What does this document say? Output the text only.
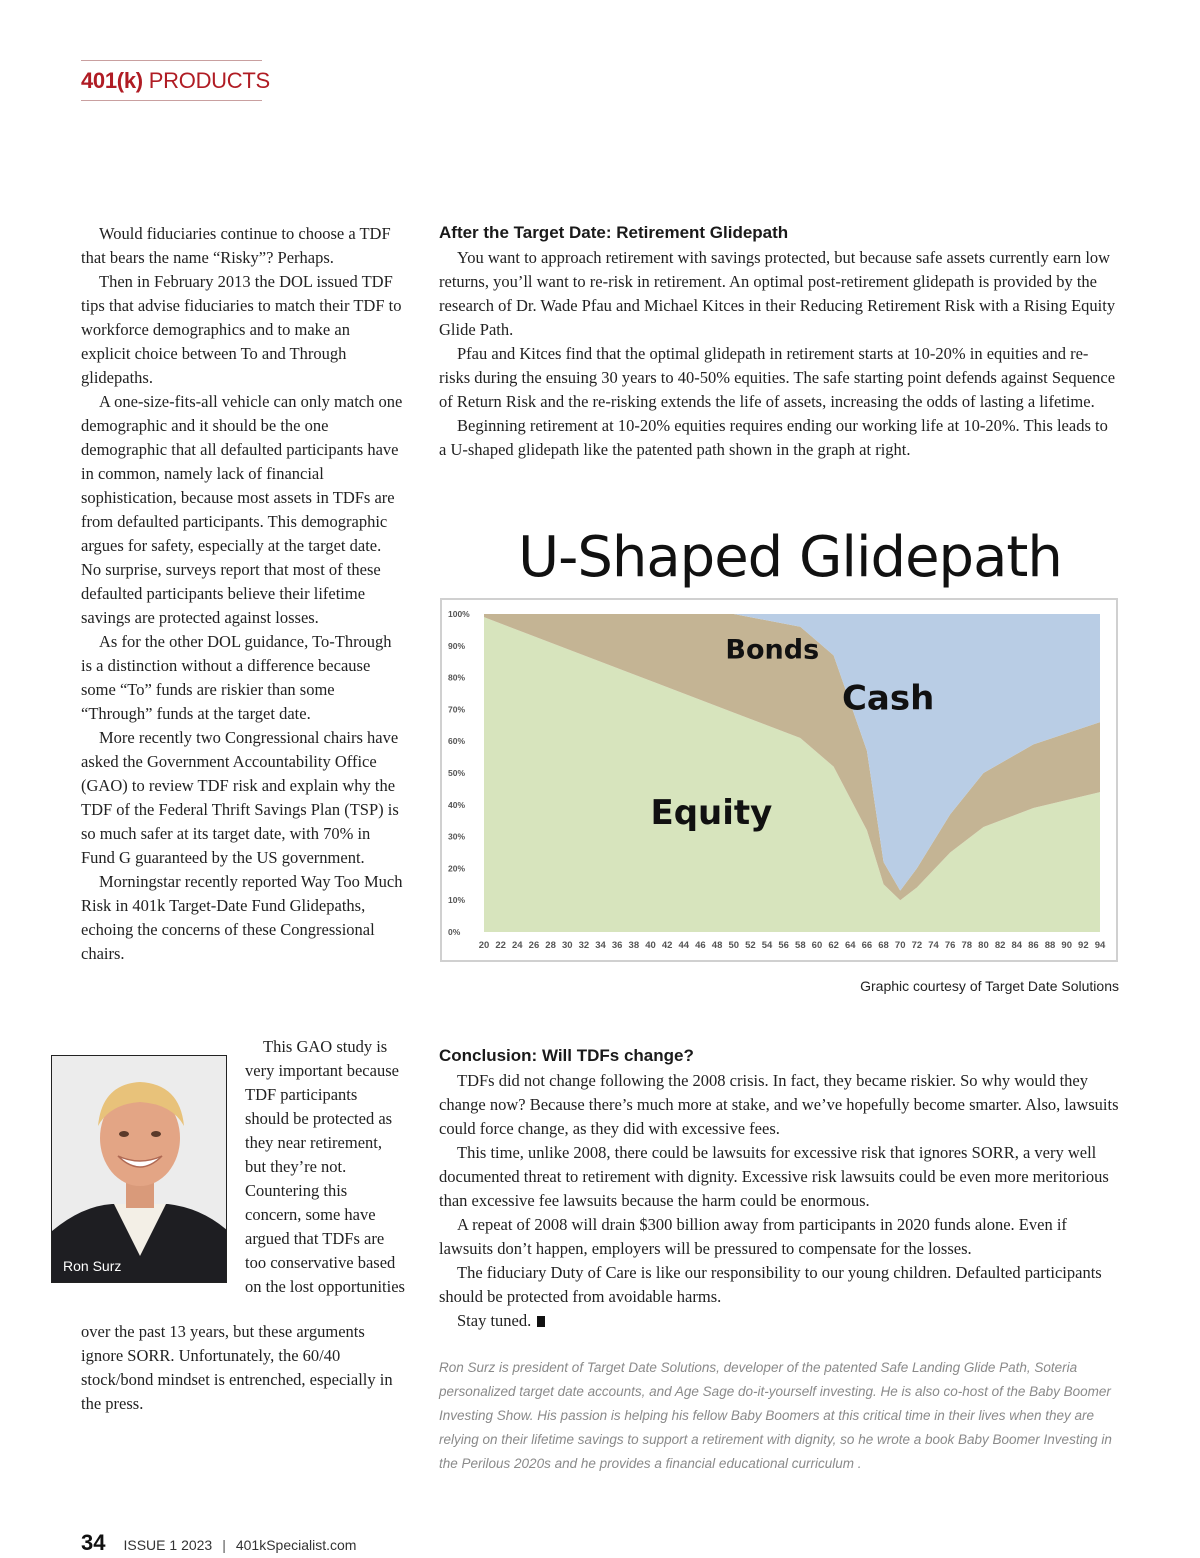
401(k) PRODUCTS

Would fiduciaries continue to choose a TDF that bears the name “Risky”? Perhaps.

Then in February 2013 the DOL issued TDF tips that advise fiduciaries to match their TDF to workforce demographics and to make an explicit choice between To and Through glidepaths.

A one-size-fits-all vehicle can only match one demographic and it should be the one demographic that all defaulted participants have in common, namely lack of financial sophistication, because most assets in TDFs are from defaulted participants. This demographic argues for safety, especially at the target date. No surprise, surveys report that most of these defaulted participants believe their lifetime savings are protected against losses.

As for the other DOL guidance, To-Through is a distinction without a difference because some “To” funds are riskier than some “Through” funds at the target date.

More recently two Congressional chairs have asked the Government Accountability Office (GAO) to review TDF risk and explain why the TDF of the Federal Thrift Savings Plan (TSP) is so much safer at its target date, with 70% in Fund G guaranteed by the US government.

Morningstar recently reported Way Too Much Risk in 401k Target-Date Fund Glidepaths, echoing the concerns of these Congressional chairs.

Ron Surz

This GAO study is very important because TDF participants should be protected as they near retirement, but they’re not. Countering this concern, some have argued that TDFs are too conservative based on the lost opportunities

over the past 13 years, but these arguments ignore SORR. Unfortunately, the 60/40 stock/bond mindset is entrenched, especially in the press.

After the Target Date: Retirement Glidepath

You want to approach retirement with savings protected, but because safe assets currently earn low returns, you’ll want to re-risk in retirement. An optimal post-retirement glidepath is provided by the research of Dr. Wade Pfau and Michael Kitces in their Reducing Retirement Risk with a Rising Equity Glide Path.

Pfau and Kitces find that the optimal glidepath in retirement starts at 10-20% in equities and re-risks during the ensuing 30 years to 40-50% equities. The safe starting point defends against Sequence of Return Risk and the re-risking extends the life of assets, increasing the odds of lasting a lifetime.

Beginning retirement at 10-20% equities requires ending our working life at 10-20%. This leads to a U-shaped glidepath like the patented path shown in the graph at right.

U-Shaped Glidepath
0%
10%
20%
30%
40%
50%
60%
70%
80%
90%
100%
20 22 24 26 28 30 32 34 36 38 40 42 44 46 48 50 52 54 56 58 60 62 64 66 68 70 72 74 76 78 80 82 84 86 88 90 92 94
Bonds
Cash
Equity
Graphic courtesy of Target Date Solutions
Conclusion: Will TDFs change?

TDFs did not change following the 2008 crisis. In fact, they became riskier. So why would they change now? Because there’s much more at stake, and we’ve hopefully become smarter. Also, lawsuits could force change, as they did with excessive fees.

This time, unlike 2008, there could be lawsuits for excessive risk that ignores SORR, a very well documented threat to retirement with dignity. Excessive risk lawsuits could be even more meritorious than excessive fee lawsuits because the harm could be enormous.

A repeat of 2008 will drain $300 billion away from participants in 2020 funds alone. Even if lawsuits don’t happen, employers will be pressured to compensate for the losses.

The fiduciary Duty of Care is like our responsibility to our young children. Defaulted participants should be protected from avoidable harms.

Stay tuned.

Ron Surz is president of Target Date Solutions, developer of the patented Safe Landing Glide Path, Soteria personalized target date accounts, and Age Sage do-it-yourself investing. He is also co-host of the Baby Boomer Investing Show. His passion is helping his fellow Baby Boomers at this critical time in their lives when they are relying on their lifetime savings to support a retirement with dignity, so he wrote a book Baby Boomer Investing in the Perilous 2020s and he provides a financial educational curriculum .

34 ISSUE 1 2023 | 401kSpecialist.com
